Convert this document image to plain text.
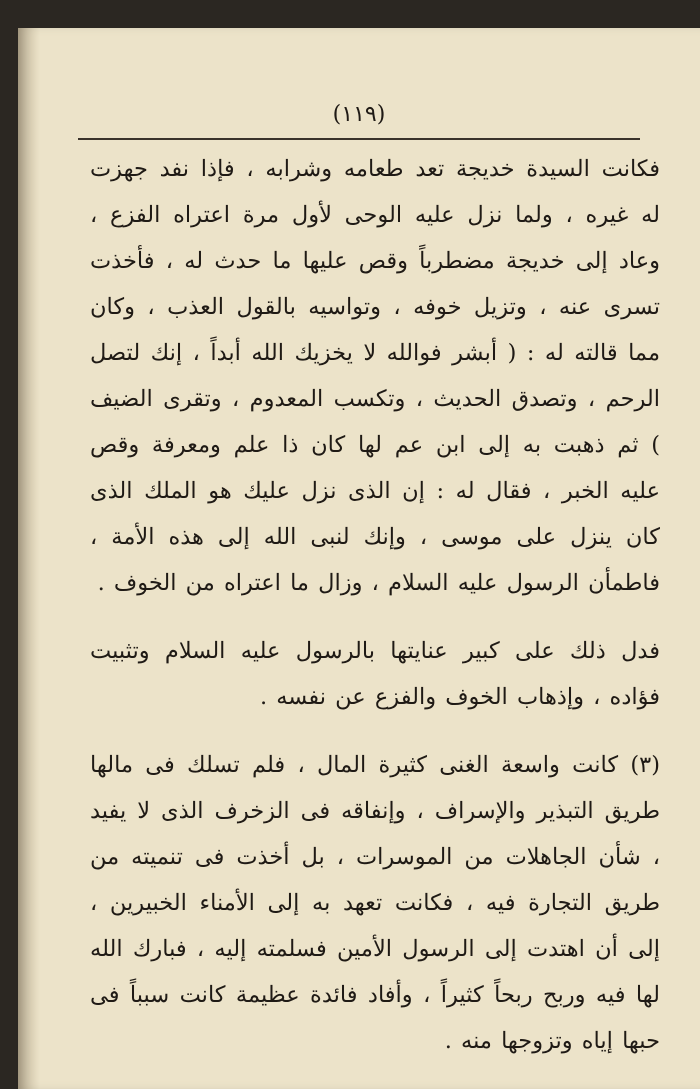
(١١٩)

فكانت السيدة خديجة تعد طعامه وشرابه ، فإذا نفد جهزت له غيره ، ولما نزل عليه الوحى لأول مرة اعتراه الفزع ، وعاد إلى خديجة مضطرباً وقص عليها ما حدث له ، فأخذت تسرى عنه ، وتزيل خوفه ، وتواسيه بالقول العذب ، وكان مما قالته له : ( أبشر فوالله لا يخزيك الله أبداً ، إنك لتصل الرحم ، وتصدق الحديث ، وتكسب المعدوم ، وتقرى الضيف ) ثم ذهبت به إلى ابن عم لها كان ذا علم ومعرفة وقص عليه الخبر ، فقال له : إن الذى نزل عليك هو الملك الذى كان ينزل على موسى ، وإنك لنبى الله إلى هذه الأمة ، فاطمأن الرسول عليه السلام ، وزال ما اعتراه من الخوف .

فدل ذلك على كبير عنايتها بالرسول عليه السلام وتثبيت فؤاده ، وإذهاب الخوف والفزع عن نفسه .

(٣) كانت واسعة الغنى كثيرة المال ، فلم تسلك فى مالها طريق التبذير والإسراف ، وإنفاقه فى الزخرف الذى لا يفيد ، شأن الجاهلات من الموسرات ، بل أخذت فى تنميته من طريق التجارة فيه ، فكانت تعهد به إلى الأمناء الخبيرين ، إلى أن اهتدت إلى الرسول الأمين فسلمته إليه ، فبارك الله لها فيه وربح ربحاً كثيراً ، وأفاد فائدة عظيمة كانت سبباً فى حبها إياه وتزوجها منه .
